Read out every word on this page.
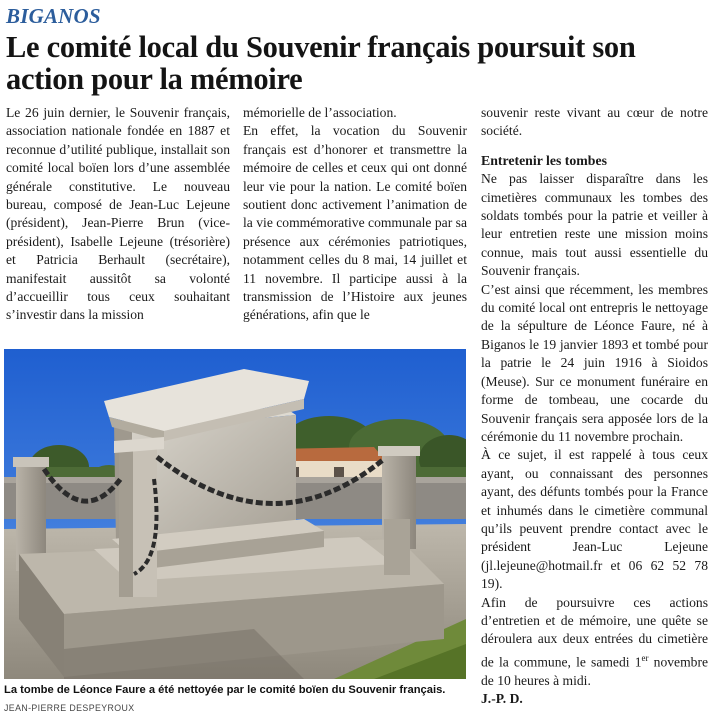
BIGANOS
Le comité local du Souvenir français poursuit son action pour la mémoire

Le 26 juin dernier, le Souvenir français, association nationale fondée en 1887 et reconnue d’utilité publique, installait son comité local boïen lors d’une assemblée générale constitutive. Le nouveau bureau, composé de Jean-Luc Lejeune (président), Jean-Pierre Brun (vice-président), Isabelle Lejeune (trésorière) et Patricia Berhault (secrétaire), manifestait aussitôt sa volonté d’accueillir tous ceux souhaitant s’investir dans la mission

mémorielle de l’association.

En effet, la vocation du Souvenir français est d’honorer et transmettre la mémoire de celles et ceux qui ont donné leur vie pour la nation. Le comité boïen soutient donc activement l’animation de la vie commémorative communale par sa présence aux cérémonies patriotiques, notamment celles du 8 mai, 14 juillet et 11 novembre. Il participe aussi à la transmission de l’Histoire aux jeunes générations, afin que le

souvenir reste vivant au cœur de notre société.

Entretenir les tombes

Ne pas laisser disparaître dans les cimetières communaux les tombes des soldats tombés pour la patrie et veiller à leur entretien reste une mission moins connue, mais tout aussi essentielle du Souvenir français.

C’est ainsi que récemment, les membres du comité local ont entrepris le nettoyage de la sépulture de Léonce Faure, né à Biganos le 19 janvier 1893 et tombé pour la patrie le 24 juin 1916 à Sioidos (Meuse). Sur ce monument funéraire en forme de tombeau, une cocarde du Souvenir français sera apposée lors de la cérémonie du 11 novembre prochain.

À ce sujet, il est rappelé à tous ceux ayant, ou connaissant des personnes ayant, des défunts tombés pour la France et inhumés dans le cimetière communal qu’ils peuvent prendre contact avec le président Jean-Luc Lejeune (jl.lejeune@hotmail.fr et 06 62 52 78 19).

Afin de poursuivre ces actions d’entretien et de mémoire, une quête se déroulera aux deux entrées du cimetière de la commune, le samedi 1er novembre de 10 heures à midi.

J.-P. D.

La tombe de Léonce Faure a été nettoyée par le comité boïen du Souvenir français.
JEAN-PIERRE DESPEYROUX
